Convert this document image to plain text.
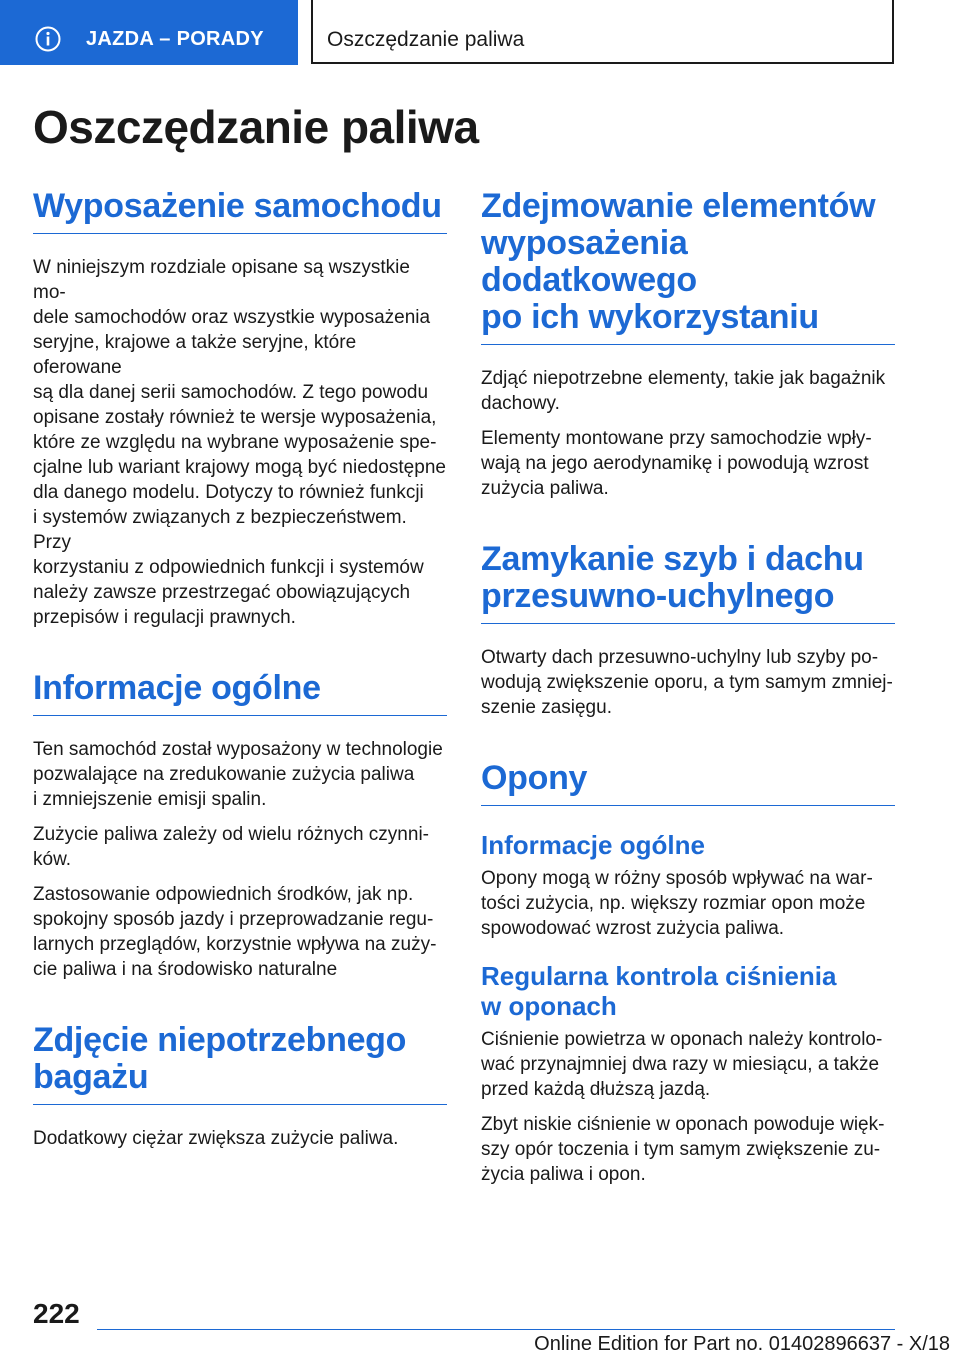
JAZDA – PORADY	Oszczędzanie paliwa
Oszczędzanie paliwa
Wyposażenie samochodu

W niniejszym rozdziale opisane są wszystkie mo-
dele samochodów oraz wszystkie wyposażenia
seryjne, krajowe a także seryjne, które oferowane
są dla danej serii samochodów. Z tego powodu
opisane zostały również te wersje wyposażenia,
które ze względu na wybrane wyposażenie spe-
cjalne lub wariant krajowy mogą być niedostępne
dla danego modelu. Dotyczy to również funkcji
i systemów związanych z bezpieczeństwem. Przy
korzystaniu z odpowiednich funkcji i systemów
należy zawsze przestrzegać obowiązujących
przepisów i regulacji prawnych.

Informacje ogólne

Ten samochód został wyposażony w technologie
pozwalające na zredukowanie zużycia paliwa
i zmniejszenie emisji spalin.

Zużycie paliwa zależy od wielu różnych czynni-
ków.

Zastosowanie odpowiednich środków, jak np.
spokojny sposób jazdy i przeprowadzanie regu-
larnych przeglądów, korzystnie wpływa na zuży-
cie paliwa i na środowisko naturalne

Zdjęcie niepotrzebnego
bagażu

Dodatkowy ciężar zwiększa zużycie paliwa.

Zdejmowanie elementów
wyposażenia dodatkowego
po ich wykorzystaniu

Zdjąć niepotrzebne elementy, takie jak bagażnik
dachowy.

Elementy montowane przy samochodzie wpły-
wają na jego aerodynamikę i powodują wzrost
zużycia paliwa.

Zamykanie szyb i dachu
przesuwno-uchylnego

Otwarty dach przesuwno-uchylny lub szyby po-
wodują zwiększenie oporu, a tym samym zmniej-
szenie zasięgu.

Opony
Informacje ogólne

Opony mogą w różny sposób wpływać na war-
tości zużycia, np. większy rozmiar opon może
spowodować wzrost zużycia paliwa.

Regularna kontrola ciśnienia
w oponach

Ciśnienie powietrza w oponach należy kontrolo-
wać przynajmniej dwa razy w miesiącu, a także
przed każdą dłuższą jazdą.

Zbyt niskie ciśnienie w oponach powoduje więk-
szy opór toczenia i tym samym zwiększenie zu-
życia paliwa i opon.

222
Online Edition for Part no. 01402896637 - X/18
